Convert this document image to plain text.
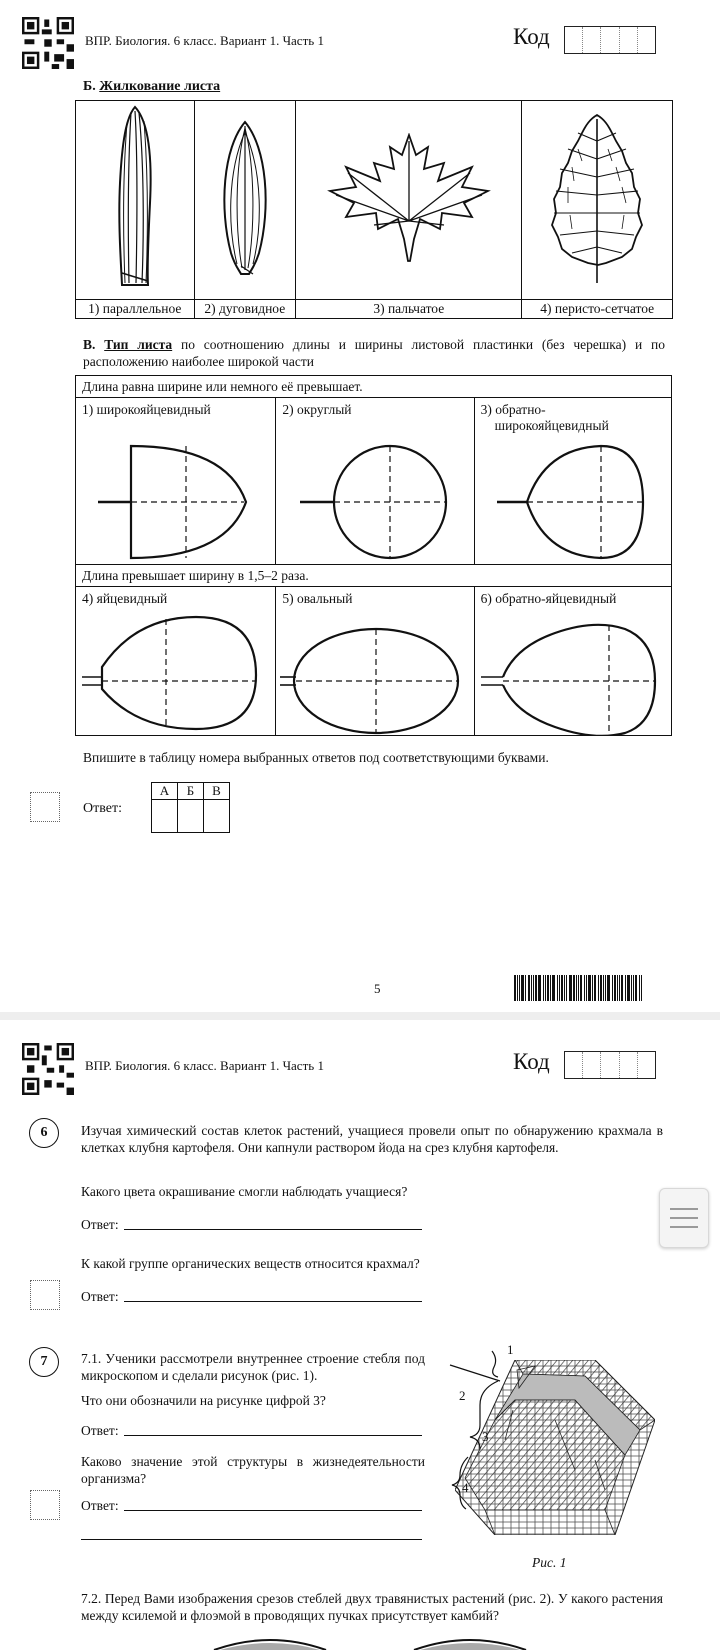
ВПР. Биология. 6 класс. Вариант 1. Часть 1	Код
Б. Жилкование листа

1) параллельное	2) дуговидное	3) пальчатое	4) перисто-сетчатое
В. Тип листа по соотношению длины и ширины листовой пластинки (без черешка) и по расположению наиболее широкой части
Длина равна ширине или немного её превышает.		

1) широкояйцевидный	2) округлый	3) обратно-
широкояйцевидный

Длина превышает ширину в 1,5–2 раза.		

4) яйцевидный	5) овальный	6) обратно-яйцевидный
Впишите в таблицу номера выбранных ответов под соответствующими буквами.
Ответ:
А	Б	В

5
ВПР. Биология. 6 класс. Вариант 1. Часть 1	Код
6	Изучая химический состав клеток растений, учащиеся провели опыт по обнаружению крахмала в клетках клубня картофеля. Они капнули раствором йода на срез клубня картофеля.
Какого цвета окрашивание смогли наблюдать учащиеся?
Ответ:
К какой группе органических веществ относится крахмал?
Ответ:
7	7.1. Ученики рассмотрели внутреннее строение стебля под микроскопом и сделали рисунок (рис. 1).
Что они обозначили на рисунке цифрой 3?
Ответ:
Каково значение этой структуры в жизнедеятельности организма?
Ответ:
1
2
3
4
Рис. 1
7.2. Перед Вами изображения срезов стеблей двух травянистых растений (рис. 2). У какого растения между ксилемой и флоэмой в проводящих пучках присутствует камбий?
